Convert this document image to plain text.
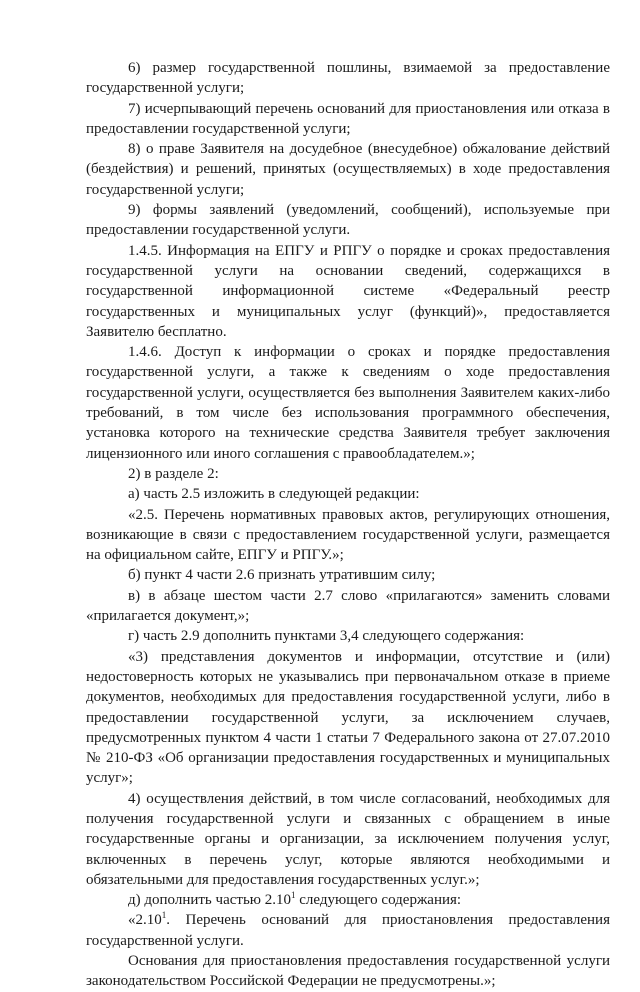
6) размер государственной пошлины, взимаемой за предоставление государственной услуги;

7) исчерпывающий перечень оснований для приостановления или отказа в предоставлении государственной услуги;

8) о праве Заявителя на досудебное (внесудебное) обжалование действий (бездействия) и решений, принятых (осуществляемых) в ходе предоставления государственной услуги;

9) формы заявлений (уведомлений, сообщений), используемые при предоставлении государственной услуги.

1.4.5. Информация на ЕПГУ и РПГУ о порядке и сроках предоставления государственной услуги на основании сведений, содержащихся в государственной информационной системе «Федеральный реестр государственных и муниципальных услуг (функций)», предоставляется Заявителю бесплатно.

1.4.6. Доступ к информации о сроках и порядке предоставления государственной услуги, а также к сведениям о ходе предоставления государственной услуги, осуществляется без выполнения Заявителем каких-либо требований, в том числе без использования программного обеспечения, установка которого на технические средства Заявителя требует заключения лицензионного или иного соглашения с правообладателем.»;

2) в разделе 2:

а) часть 2.5 изложить в следующей редакции:

«2.5. Перечень нормативных правовых актов, регулирующих отношения, возникающие в связи с предоставлением государственной услуги, размещается на официальном сайте, ЕПГУ и РПГУ.»;

б) пункт 4 части 2.6 признать утратившим силу;

в) в абзаце шестом части 2.7 слово «прилагаются» заменить словами «прилагается документ,»;

г) часть 2.9 дополнить пунктами 3,4 следующего содержания:

«3) представления документов и информации, отсутствие и (или) недостоверность которых не указывались при первоначальном отказе в приеме документов, необходимых для предоставления государственной услуги, либо в предоставлении государственной услуги, за исключением случаев, предусмотренных пунктом 4 части 1 статьи 7 Федерального закона от 27.07.2010 № 210-ФЗ «Об организации предоставления государственных и муниципальных услуг»;

4) осуществления действий, в том числе согласований, необходимых для получения государственной услуги и связанных с обращением в иные государственные органы и организации, за исключением получения услуг, включенных в перечень услуг, которые являются необходимыми и обязательными для предоставления государственных услуг.»;

д) дополнить частью 2.10$^1$ следующего содержания:

«2.10$^1$. Перечень оснований для приостановления предоставления государственной услуги.

Основания для приостановления предоставления государственной услуги законодательством Российской Федерации не предусмотрены.»;
